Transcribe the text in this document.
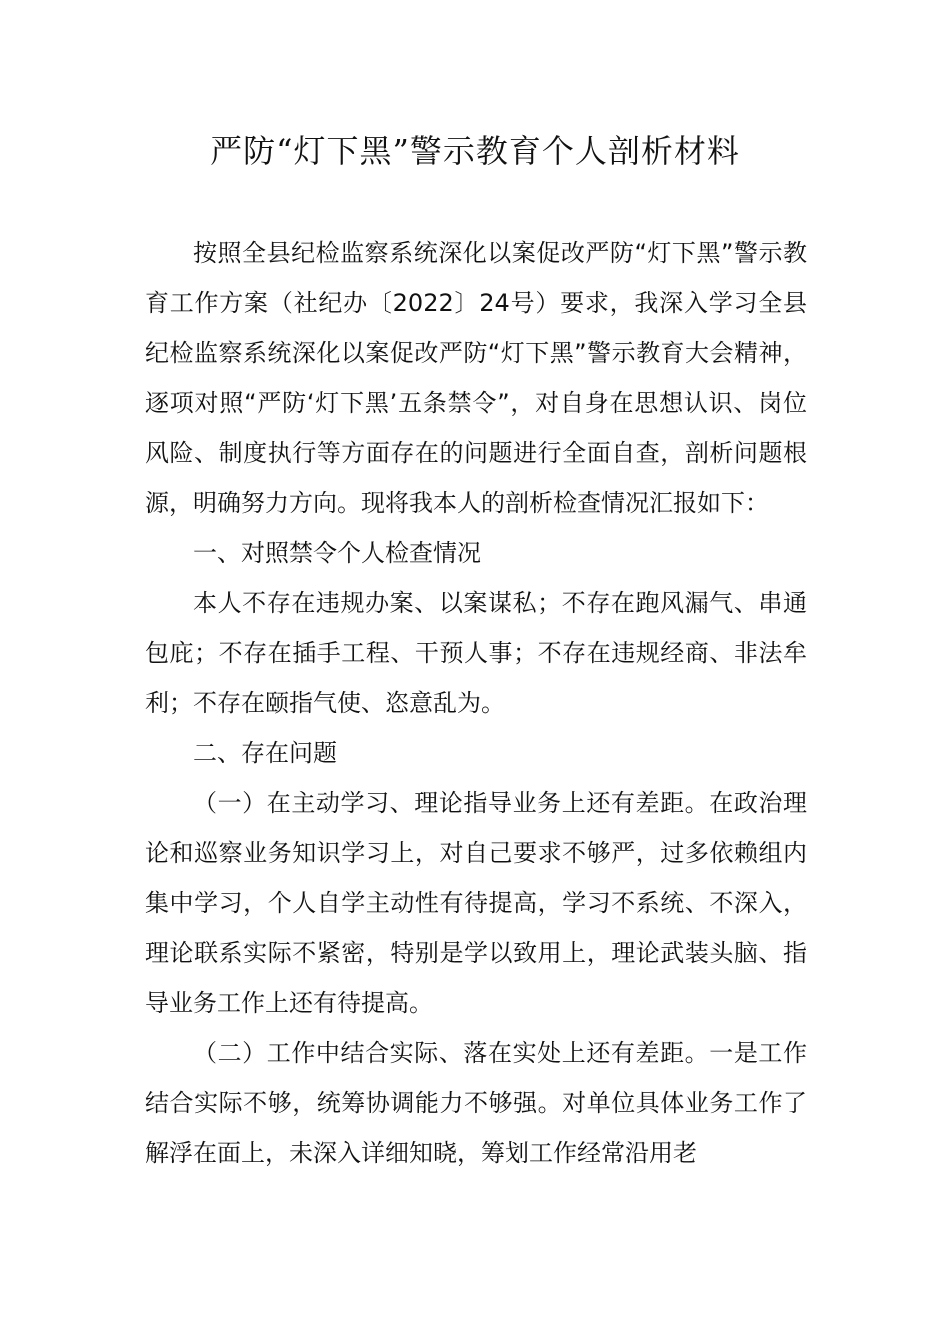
严防“灯下黑”警示教育个人剖析材料

按照全县纪检监察系统深化以案促改严防“灯下黑”警示教育工作方案（社纪办〔2022〕24号）要求，我深入学习全县纪检监察系统深化以案促改严防“灯下黑”警示教育大会精神，逐项对照“严防‘灯下黑’五条禁令”，对自身在思想认识、岗位风险、制度执行等方面存在的问题进行全面自查，剖析问题根源，明确努力方向。现将我本人的剖析检查情况汇报如下：

一、对照禁令个人检查情况

本人不存在违规办案、以案谋私；不存在跑风漏气、串通包庇；不存在插手工程、干预人事；不存在违规经商、非法牟利；不存在颐指气使、恣意乱为。

二、存在问题

（一）在主动学习、理论指导业务上还有差距。在政治理论和巡察业务知识学习上，对自己要求不够严，过多依赖组内集中学习，个人自学主动性有待提高，学习不系统、不深入，理论联系实际不紧密，特别是学以致用上，理论武装头脑、指导业务工作上还有待提高。

（二）工作中结合实际、落在实处上还有差距。一是工作结合实际不够，统筹协调能力不够强。对单位具体业务工作了解浮在面上，未深入详细知晓，筹划工作经常沿用老
